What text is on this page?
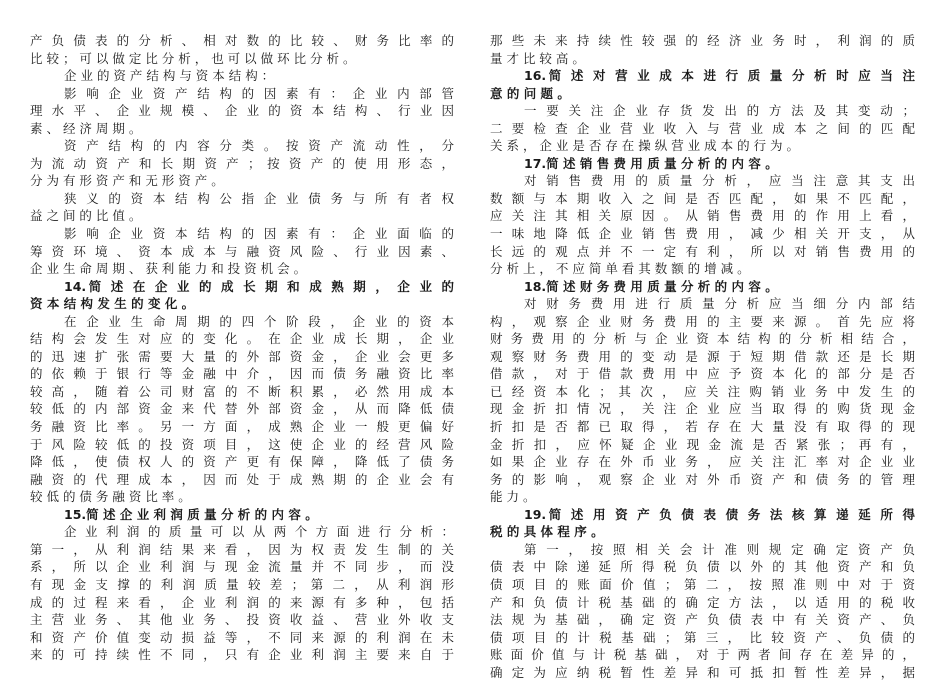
产 负 债 表 的 分 析 、 相 对 数 的 比 较 、 财 务 比 率 的
比 较 ； 可 以 做 定 比 分 析 ， 也 可 以 做 环 比 分 析 。
企 业 的 资 产 结 构 与 资 本 结 构 ：
影 响 企 业 资 产 结 构 的 因 素 有 ： 企 业 内 部 管
理 水 平 、 企 业 规 模 、 企 业 的 资 本 结 构 、 行 业 因
素 、 经 济 周 期 。
资 产 结 构 的 内 容 分 类 。 按 资 产 流 动 性 ， 分
为 流 动 资 产 和 长 期 资 产 ； 按 资 产 的 使 用 形 态 ，
分 为 有 形 资 产 和 无 形 资 产 。
狭 义 的 资 本 结 构 公 指 企 业 债 务 与 所 有 者 权
益 之 间 的 比 值 。
影 响 企 业 资 本 结 构 的 因 素 有 ： 企 业 面 临 的
筹 资 环 境 、 资 本 成 本 与 融 资 风 险 、 行 业 因 素 、
企 业 生 命 周 期 、 获 利 能 力 和 投 资 机 会 。
14.简 述 在 企 业 的 成 长 期 和 成 熟 期 ， 企 业 的
资 本 结 构 发 生 的 变 化 。
在 企 业 生 命 周 期 的 四 个 阶 段 ， 企 业 的 资 本
结 构 会 发 生 对 应 的 变 化 。 在 企 业 成 长 期 ， 企 业
的 迅 速 扩 张 需 要 大 量 的 外 部 资 金 ， 企 业 会 更 多
的 依 赖 于 银 行 等 金 融 中 介 ， 因 而 债 务 融 资 比 率
较 高 ， 随 着 公 司 财 富 的 不 断 积 累 ， 必 然 用 成 本
较 低 的 内 部 资 金 来 代 替 外 部 资 金 ， 从 而 降 低 债
务 融 资 比 率 。 另 一 方 面 ， 成 熟 企 业 一 般 更 偏 好
于 风 险 较 低 的 投 资 项 目 ， 这 使 企 业 的 经 营 风 险
降 低 ， 使 债 权 人 的 资 产 更 有 保 障 ， 降 低 了 债 务
融 资 的 代 理 成 本 ， 因 而 处 于 成 熟 期 的 企 业 会 有
较 低 的 债 务 融 资 比 率 。
15.简 述 企 业 利 润 质 量 分 析 的 内 容 。
企 业 利 润 的 质 量 可 以 从 两 个 方 面 进 行 分 析 ：
第 一 ， 从 利 润 结 果 来 看 ， 因 为 权 责 发 生 制 的 关
系 ， 所 以 企 业 利 润 与 现 金 流 量 并 不 同 步 ， 而 没
有 现 金 支 撑 的 利 润 质 量 较 差 ； 第 二 ， 从 利 润 形
成 的 过 程 来 看 ， 企 业 利 润 的 来 源 有 多 种 ， 包 括
主 营 业 务 、 其 他 业 务 、 投 资 收 益 、 营 业 外 收 支
和 资 产 价 值 变 动 损 益 等 ， 不 同 来 源 的 利 润 在 未
来 的 可 持 续 性 不 同 ， 只 有 企 业 利 润 主 要 来 自 于
那 些 未 来 持 续 性 较 强 的 经 济 业 务 时 ， 利 润 的 质
量 才 比 较 高 。
16.简 述 对 营 业 成 本 进 行 质 量 分 析 时 应 当 注
意 的 问 题 。
一 要 关 注 企 业 存 货 发 出 的 方 法 及 其 变 动 ；
二 要 检 查 企 业 营 业 收 入 与 营 业 成 本 之 间 的 匹 配
关 系 ， 企 业 是 否 存 在 操 纵 营 业 成 本 的 行 为 。
17.简 述 销 售 费 用 质 量 分 析 的 内 容 。
对 销 售 费 用 的 质 量 分 析 ， 应 当 注 意 其 支 出
数 额 与 本 期 收 入 之 间 是 否 匹 配 ， 如 果 不 匹 配 ，
应 关 注 其 相 关 原 因 。 从 销 售 费 用 的 作 用 上 看 ，
一 味 地 降 低 企 业 销 售 费 用 ， 减 少 相 关 开 支 ， 从
长 远 的 观 点 并 不 一 定 有 利 ， 所 以 对 销 售 费 用 的
分 析 上 ， 不 应 简 单 看 其 数 额 的 增 减 。
18.简 述 财 务 费 用 质 量 分 析 的 内 容 。
对 财 务 费 用 进 行 质 量 分 析 应 当 细 分 内 部 结
构 ， 观 察 企 业 财 务 费 用 的 主 要 来 源 。 首 先 应 将
财 务 费 用 的 分 析 与 企 业 资 本 结 构 的 分 析 相 结 合 ，
观 察 财 务 费 用 的 变 动 是 源 于 短 期 借 款 还 是 长 期
借 款 ， 对 于 借 款 费 用 中 应 予 资 本 化 的 部 分 是 否
已 经 资 本 化 ； 其 次 ， 应 关 注 购 销 业 务 中 发 生 的
现 金 折 扣 情 况 ， 关 注 企 业 应 当 取 得 的 购 货 现 金
折 扣 是 否 都 已 取 得 ， 若 存 在 大 量 没 有 取 得 的 现
金 折 扣 ， 应 怀 疑 企 业 现 金 流 是 否 紧 张 ； 再 有 ，
如 果 企 业 存 在 外 币 业 务 ， 应 关 注 汇 率 对 企 业 业
务 的 影 响 ， 观 察 企 业 对 外 币 资 产 和 债 务 的 管 理
能 力 。
19.简 述 用 资 产 负 债 表 债 务 法 核 算 递 延 所 得
税 的 具 体 程 序 。
第 一 ， 按 照 相 关 会 计 准 则 规 定 确 定 资 产 负
债 表 中 除 递 延 所 得 税 负 债 以 外 的 其 他 资 产 和 负
债 项 目 的 账 面 价 值 ； 第 二 ， 按 照 准 则 中 对 于 资
产 和 负 债 计 税 基 础 的 确 定 方 法 ， 以 适 用 的 税 收
法 规 为 基 础 ， 确 定 资 产 负 债 表 中 有 关 资 产 、 负
债 项 目 的 计 税 基 础 ； 第 三 ， 比 较 资 产 、 负 债 的
账 面 价 值 与 计 税 基 础 ， 对 于 两 者 间 存 在 差 异 的 ，
确 定 为 应 纳 税 暂 性 差 异 和 可 抵 扣 暂 性 差 异 ， 据
